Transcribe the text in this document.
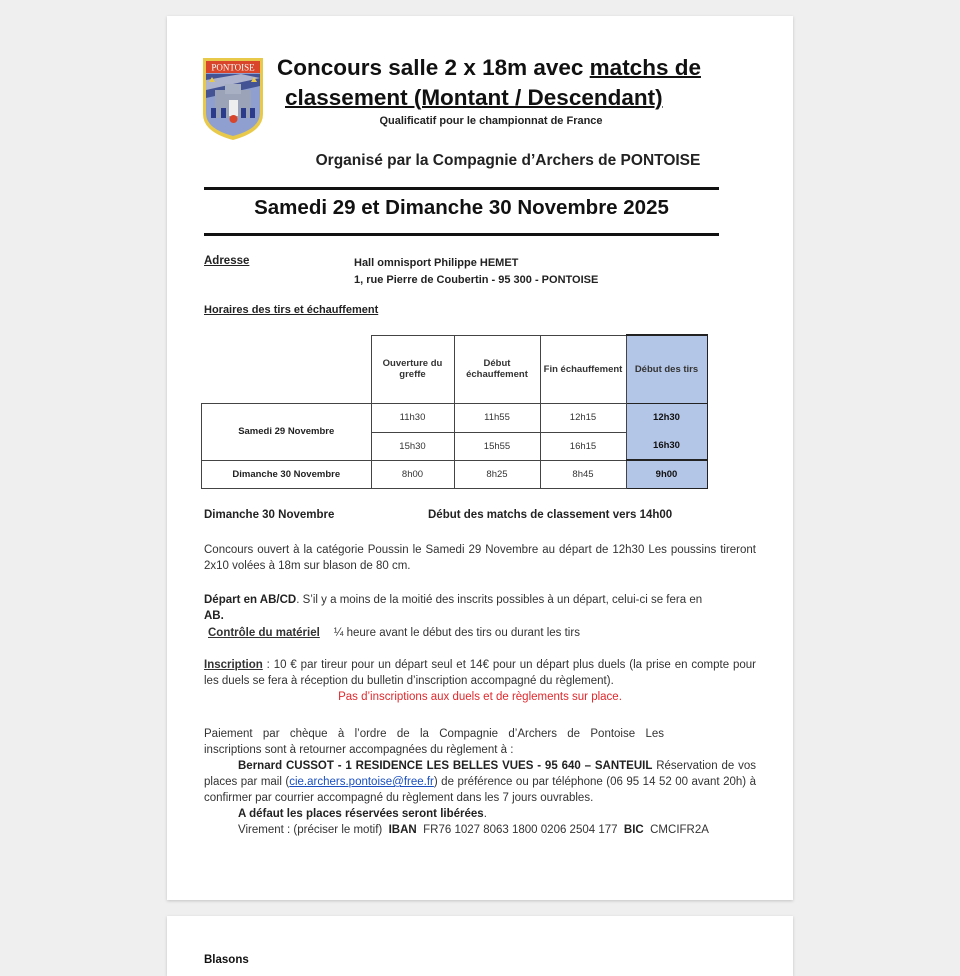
PONTOISE Concours salle 2 x 18m avec matchs de
classement (Montant / Descendant)
Qualificatif pour le championnat de France
Organisé par la Compagnie d’Archers de PONTOISE
Samedi 29 et Dimanche 30 Novembre 2025
Adresse	Hall omnisport Philippe HEMET
1, rue Pierre de Coubertin - 95 300 - PONTOISE
Horaires des tirs et échauffement
	Ouverture du greffe	Début échauffement	Fin échauffement	Début des tirs
Samedi 29 Novembre	11h30	11h55	12h15	12h30
	15h30	15h55	16h15	16h30
Dimanche 30 Novembre	8h00	8h25	8h45	9h00
Dimanche 30 Novembre	Début des matchs de classement vers 14h00
Concours ouvert à la catégorie Poussin le Samedi 29 Novembre au départ de 12h30 Les poussins tireront 2x10 volées à 18m sur blason de 80 cm.
Départ en AB/CD. S’il y a moins de la moitié des inscrits possibles à un départ, celui-ci se fera en
AB.
Contrôle du matériel ¼ heure avant le début des tirs ou durant les tirs
Inscription : 10 € par tireur pour un départ seul et 14€ pour un départ plus duels (la prise en compte pour les duels se fera à réception du bulletin d’inscription accompagné du règlement).
Pas d’inscriptions aux duels et de règlements sur place.
Paiement par chèque à l’ordre de la Compagnie d’Archers de Pontoise Les
inscriptions sont à retourner accompagnées du règlement à :
Bernard CUSSOT - 1 RESIDENCE LES BELLES VUES - 95 640 – SANTEUIL Réservation de vos places par mail (cie.archers.pontoise@free.fr) de préférence ou par téléphone (06 95 14 52 00 avant 20h) à confirmer par courrier accompagné du règlement dans les 7 jours ouvrables.
A défaut les places réservées seront libérées.
Virement : (préciser le motif) IBAN FR76 1027 8063 1800 0206 2504 177 BIC CMCIFR2A
Blasons
